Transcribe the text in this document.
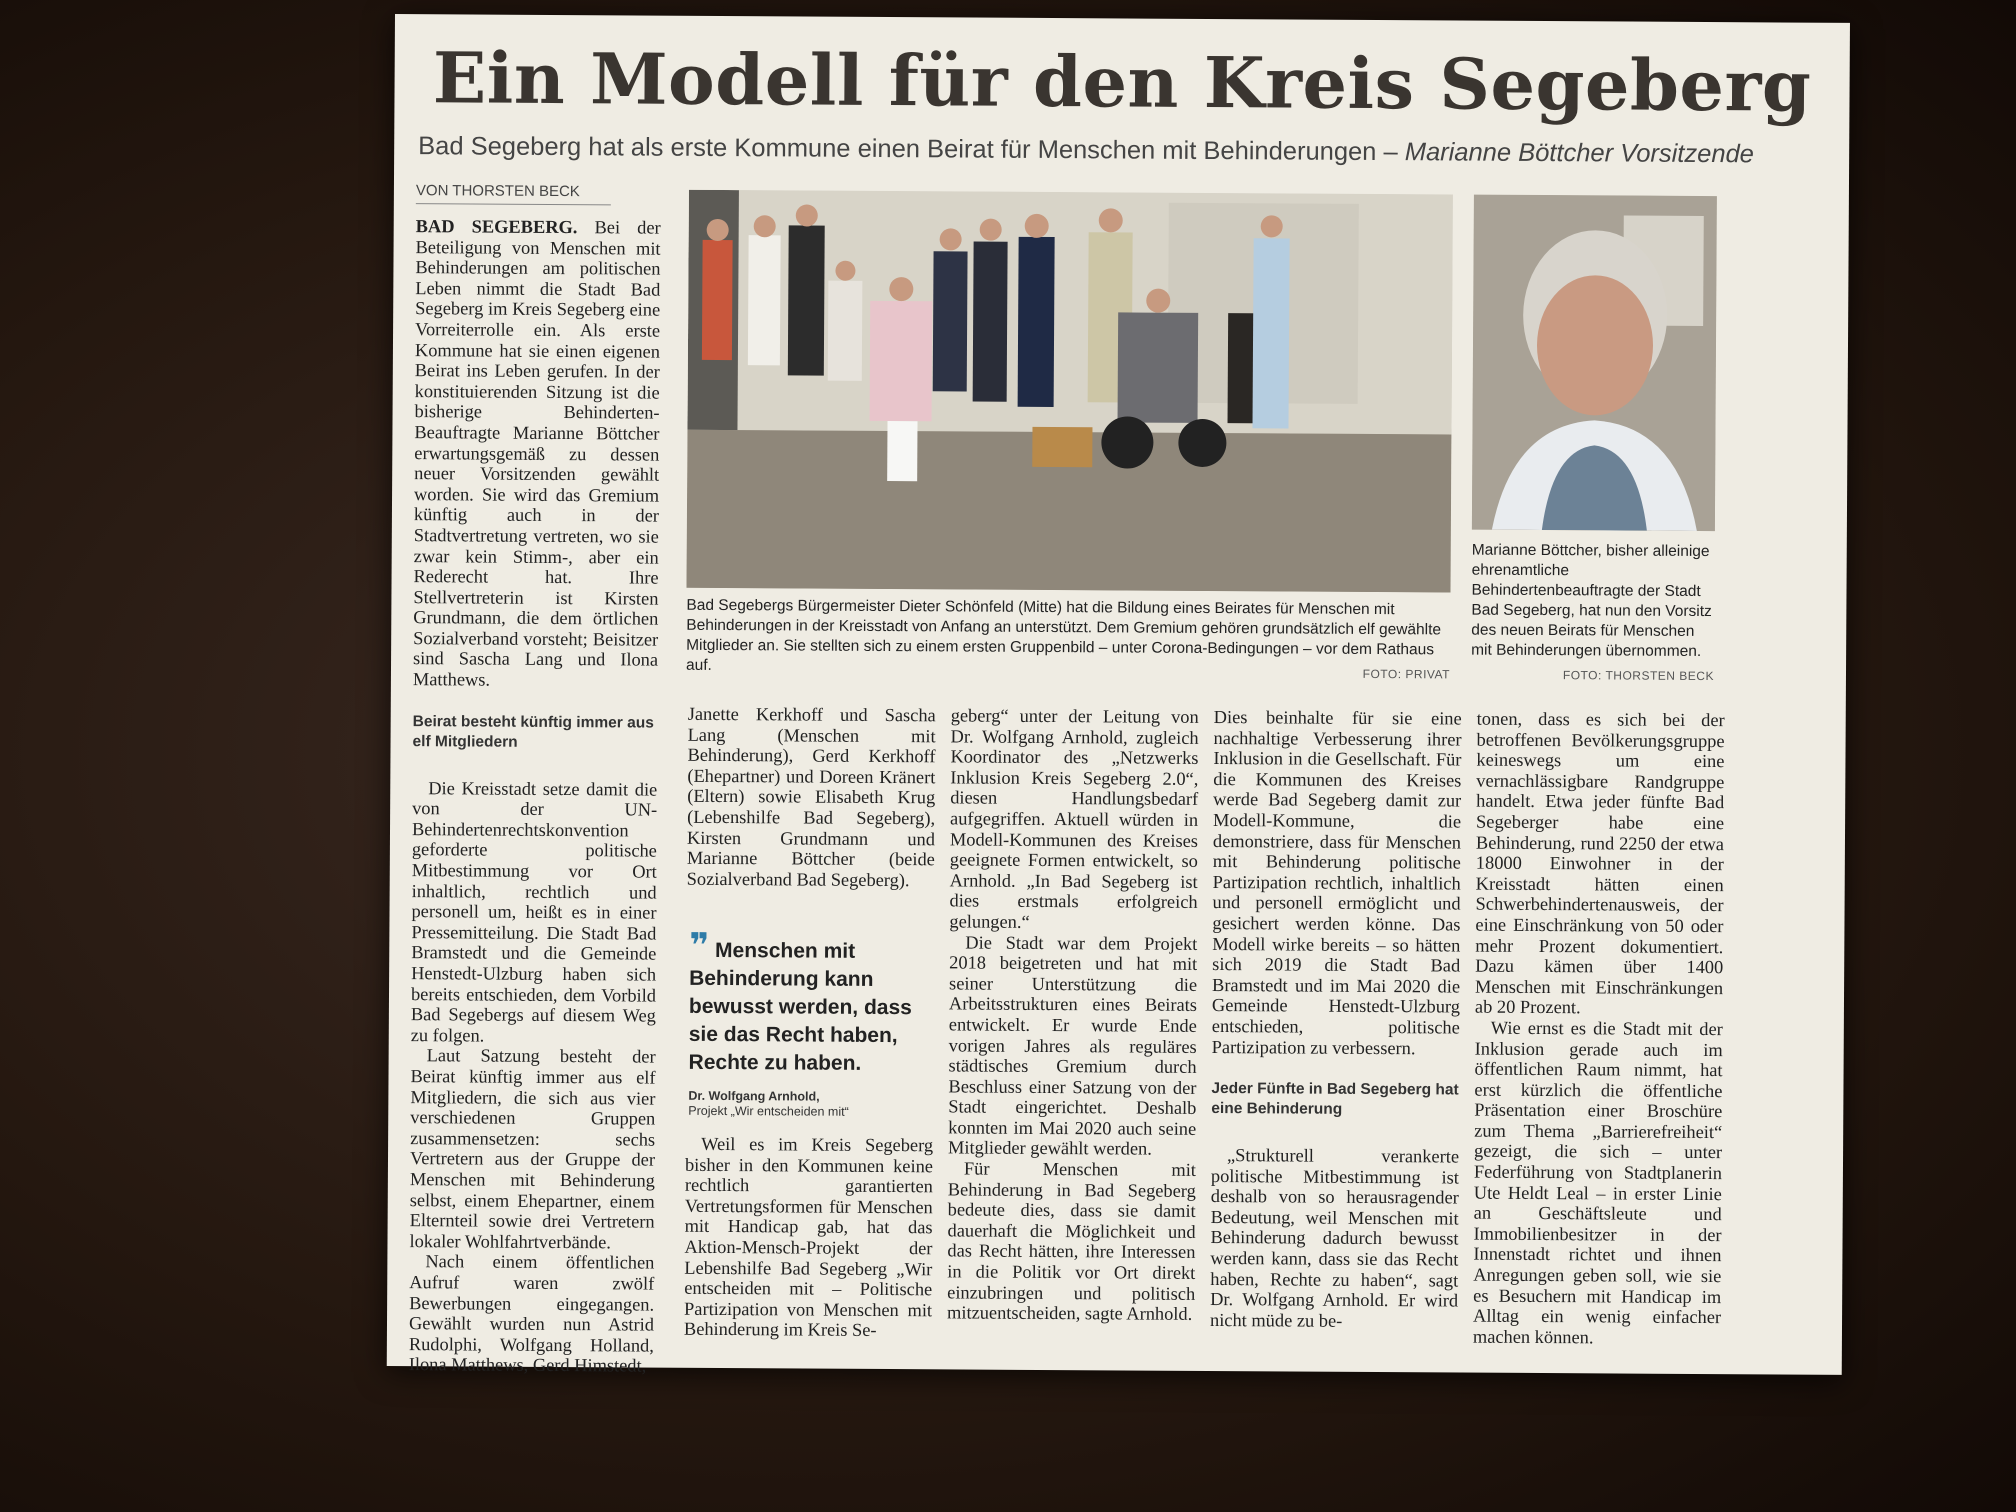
Ein Modell für den Kreis Segeberg
Bad Segeberg hat als erste Kommune einen Beirat für Menschen mit Behinderungen – Marianne Böttcher Vorsitzende
VON THORSTEN BECK

BAD SEGEBERG. Bei der Beteiligung von Menschen mit Behinderungen am politischen Leben nimmt die Stadt Bad Segeberg im Kreis Segeberg eine Vorreiterrolle ein. Als erste Kommune hat sie einen eigenen Beirat ins Leben gerufen. In der konstituierenden Sitzung ist die bisherige Behinderten-Beauftragte Marianne Böttcher erwartungsgemäß zu dessen neuer Vorsitzenden gewählt worden. Sie wird das Gremium künftig auch in der Stadtvertretung vertreten, wo sie zwar kein Stimm-, aber ein Rederecht hat. Ihre Stellvertreterin ist Kirsten Grundmann, die dem örtlichen Sozialverband vorsteht; Beisitzer sind Sascha Lang und Ilona Matthews.

Beirat besteht künftig immer aus elf Mitgliedern

Die Kreisstadt setze damit die von der UN-Behindertenrechtskonvention geforderte politische Mitbestimmung vor Ort inhaltlich, rechtlich und personell um, heißt es in einer Pressemitteilung. Die Stadt Bad Bramstedt und die Gemeinde Henstedt-Ulzburg haben sich bereits entschieden, dem Vorbild Bad Segebergs auf diesem Weg zu folgen.

Laut Satzung besteht der Beirat künftig immer aus elf Mitgliedern, die sich aus vier verschiedenen Gruppen zusammensetzen: sechs Vertretern aus der Gruppe der Menschen mit Behinderung selbst, einem Ehepartner, einem Elternteil sowie drei Vertretern lokaler Wohlfahrtverbände.

Nach einem öffentlichen Aufruf waren zwölf Bewerbungen eingegangen. Gewählt wurden nun Astrid Rudolphi, Wolfgang Holland, Ilona Matthews, Gerd Himstedt,

Bad Segebergs Bürgermeister Dieter Schönfeld (Mitte) hat die Bildung eines Beirates für Menschen mit Behinderungen in der Kreisstadt von Anfang an unterstützt. Dem Gremium gehören grundsätzlich elf gewählte Mitglieder an. Sie stellten sich zu einem ersten Gruppenbild – unter Corona-Bedingungen – vor dem Rathaus auf.
FOTO: PRIVAT
Marianne Böttcher, bisher alleinige ehrenamtliche Behindertenbeauftragte der Stadt Bad Segeberg, hat nun den Vorsitz des neuen Beirats für Menschen mit Behinderungen übernommen.
FOTO: THORSTEN BECK

Janette Kerkhoff und Sascha Lang (Menschen mit Behinderung), Gerd Kerkhoff (Ehepartner) und Doreen Kränert (Eltern) sowie Elisabeth Krug (Lebenshilfe Bad Segeberg), Kirsten Grundmann und Marianne Böttcher (beide Sozialverband Bad Segeberg).

❞ Menschen mit Behinderung kann bewusst werden, dass sie das Recht haben, Rechte zu haben.
Dr. Wolfgang Arnhold,
Projekt „Wir entscheiden mit“

Weil es im Kreis Segeberg bisher in den Kommunen keine rechtlich garantierten Vertretungsformen für Menschen mit Handicap gab, hat das Aktion-Mensch-Projekt der Lebenshilfe Bad Segeberg „Wir entscheiden mit – Politische Partizipation von Menschen mit Behinderung im Kreis Se-

geberg“ unter der Leitung von Dr. Wolfgang Arnhold, zugleich Koordinator des „Netzwerks Inklusion Kreis Segeberg 2.0“, diesen Handlungsbedarf aufgegriffen. Aktuell würden in Modell-Kommunen des Kreises geeignete Formen entwickelt, so Arnhold. „In Bad Segeberg ist dies erstmals erfolgreich gelungen.“

Die Stadt war dem Projekt 2018 beigetreten und hat mit seiner Unterstützung die Arbeitsstrukturen eines Beirats entwickelt. Er wurde Ende vorigen Jahres als reguläres städtisches Gremium durch Beschluss einer Satzung von der Stadt eingerichtet. Deshalb konnten im Mai 2020 auch seine Mitglieder gewählt werden.

Für Menschen mit Behinderung in Bad Segeberg bedeute dies, dass sie damit dauerhaft die Möglichkeit und das Recht hätten, ihre Interessen in die Politik vor Ort direkt einzubringen und politisch mitzuentscheiden, sagte Arnhold.

Dies beinhalte für sie eine nachhaltige Verbesserung ihrer Inklusion in die Gesellschaft. Für die Kommunen des Kreises werde Bad Segeberg damit zur Modell-Kommune, die demonstriere, dass für Menschen mit Behinderung politische Partizipation rechtlich, inhaltlich und personell ermöglicht und gesichert werden könne. Das Modell wirke bereits – so hätten sich 2019 die Stadt Bad Bramstedt und im Mai 2020 die Gemeinde Henstedt-Ulzburg entschieden, politische Partizipation zu verbessern.

Jeder Fünfte in Bad Segeberg hat eine Behinderung

„Strukturell verankerte politische Mitbestimmung ist deshalb von so herausragender Bedeutung, weil Menschen mit Behinderung dadurch bewusst werden kann, dass sie das Recht haben, Rechte zu haben“, sagt Dr. Wolfgang Arnhold. Er wird nicht müde zu be-

tonen, dass es sich bei der betroffenen Bevölkerungsgruppe keineswegs um eine vernachlässigbare Randgruppe handelt. Etwa jeder fünfte Bad Segeberger habe eine Behinderung, rund 2250 der etwa 18000 Einwohner in der Kreisstadt hätten einen Schwerbehindertenausweis, der eine Einschränkung von 50 oder mehr Prozent dokumentiert. Dazu kämen über 1400 Menschen mit Einschränkungen ab 20 Prozent.

Wie ernst es die Stadt mit der Inklusion gerade auch im öffentlichen Raum nimmt, hat erst kürzlich die öffentliche Präsentation einer Broschüre zum Thema „Barrierefreiheit“ gezeigt, die sich – unter Federführung von Stadtplanerin Ute Heldt Leal – in erster Linie an Geschäftsleute und Immobilienbesitzer in der Innenstadt richtet und ihnen Anregungen geben soll, wie sie es Besuchern mit Handicap im Alltag ein wenig einfacher machen können.
